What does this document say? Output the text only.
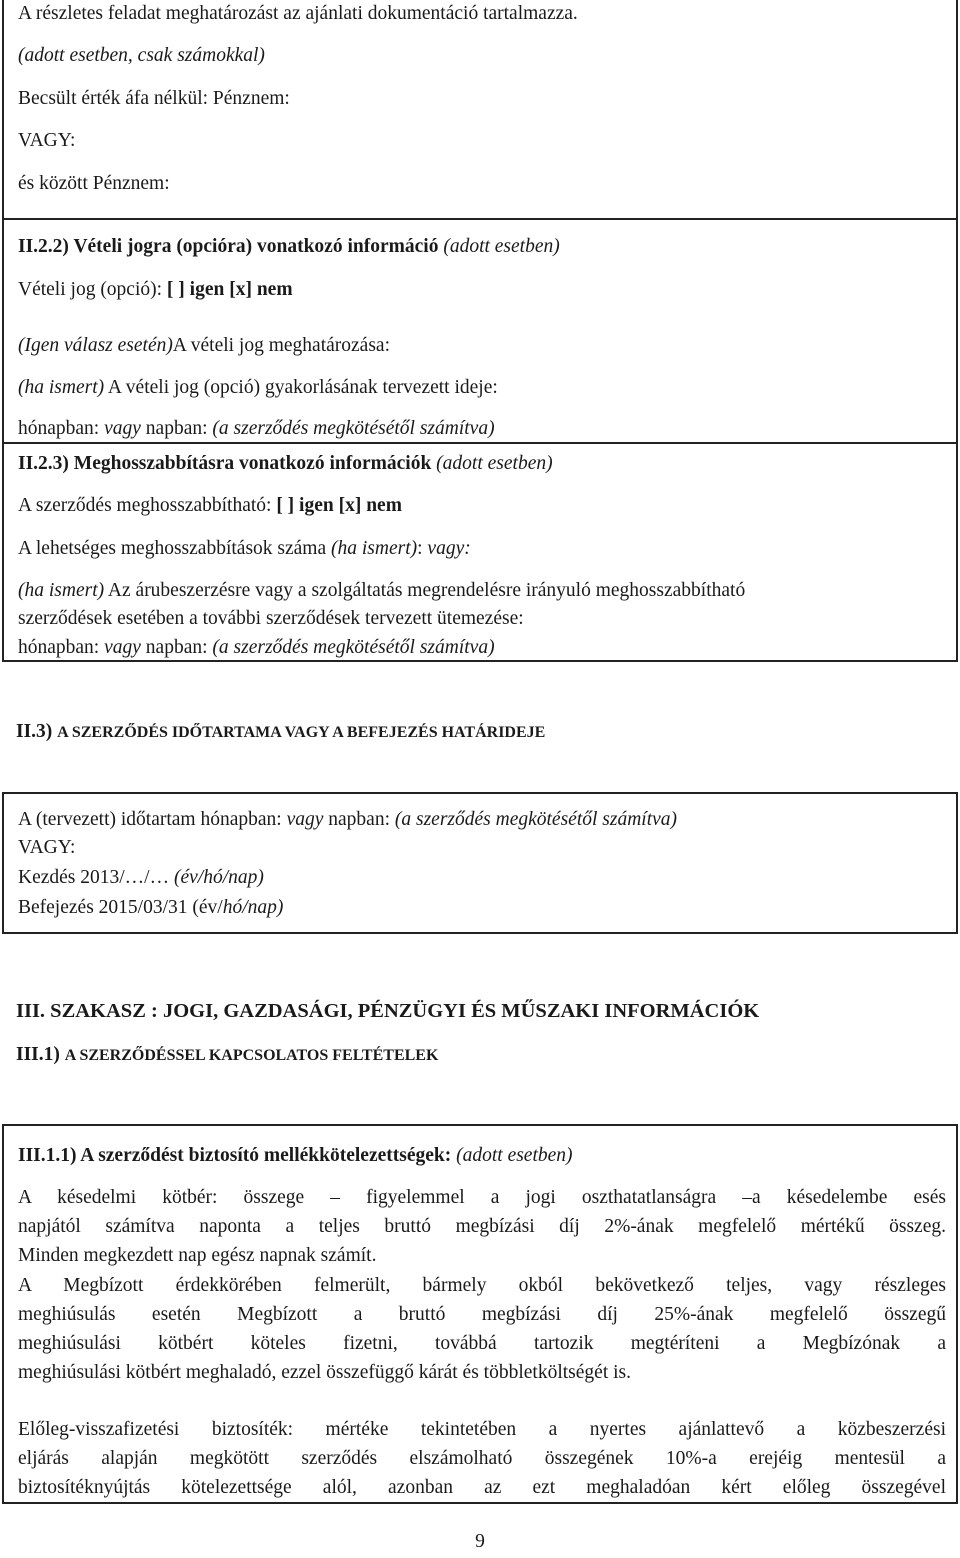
A részletes feladat meghatározást az ajánlati dokumentáció tartalmazza.
(adott esetben, csak számokkal)
Becsült érték áfa nélkül: Pénznem:
VAGY:
és között Pénznem:
II.2.2) Vételi jogra (opcióra) vonatkozó információ (adott esetben)
Vételi jog (opció): [ ] igen [x] nem
(Igen válasz esetén)A vételi jog meghatározása:
(ha ismert) A vételi jog (opció) gyakorlásának tervezett ideje:
hónapban: vagy napban: (a szerződés megkötésétől számítva)
II.2.3) Meghosszabbításra vonatkozó információk (adott esetben)
A szerződés meghosszabbítható: [ ] igen [x] nem
A lehetséges meghosszabbítások száma (ha ismert): vagy:
(ha ismert) Az árubeszerzésre vagy a szolgáltatás megrendelésre irányuló meghosszabbítható
szerződések esetében a további szerződések tervezett ütemezése:
hónapban: vagy napban: (a szerződés megkötésétől számítva)
II.3) A SZERZŐDÉS IDŐTARTAMA VAGY A BEFEJEZÉS HATÁRIDEJE
A (tervezett) időtartam hónapban: vagy napban: (a szerződés megkötésétől számítva)
VAGY:
Kezdés 2013/…/… (év/hó/nap)
Befejezés 2015/03/31 (év/hó/nap)
III. SZAKASZ : JOGI, GAZDASÁGI, PÉNZÜGYI ÉS MŰSZAKI INFORMÁCIÓK
III.1) A SZERZŐDÉSSEL KAPCSOLATOS FELTÉTELEK
III.1.1) A szerződést biztosító mellékkötelezettségek: (adott esetben)
A késedelmi kötbér: összege – figyelemmel a jogi oszthatatlanságra –a késedelembe esés
napjától számítva naponta a teljes bruttó megbízási díj 2%-ának megfelelő mértékű összeg.
Minden megkezdett nap egész napnak számít.
A Megbízott érdekkörében felmerült, bármely okból bekövetkező teljes, vagy részleges
meghiúsulás esetén Megbízott a bruttó megbízási díj 25%-ának megfelelő összegű
meghiúsulási kötbért köteles fizetni, továbbá tartozik megtéríteni a Megbízónak a
meghiúsulási kötbért meghaladó, ezzel összefüggő kárát és többletköltségét is.
Előleg-visszafizetési biztosíték: mértéke tekintetében a nyertes ajánlattevő a közbeszerzési
eljárás alapján megkötött szerződés elszámolható összegének 10%-a erejéig mentesül a
biztosítéknyújtás kötelezettsége alól, azonban az ezt meghaladóan kért előleg összegével
9
